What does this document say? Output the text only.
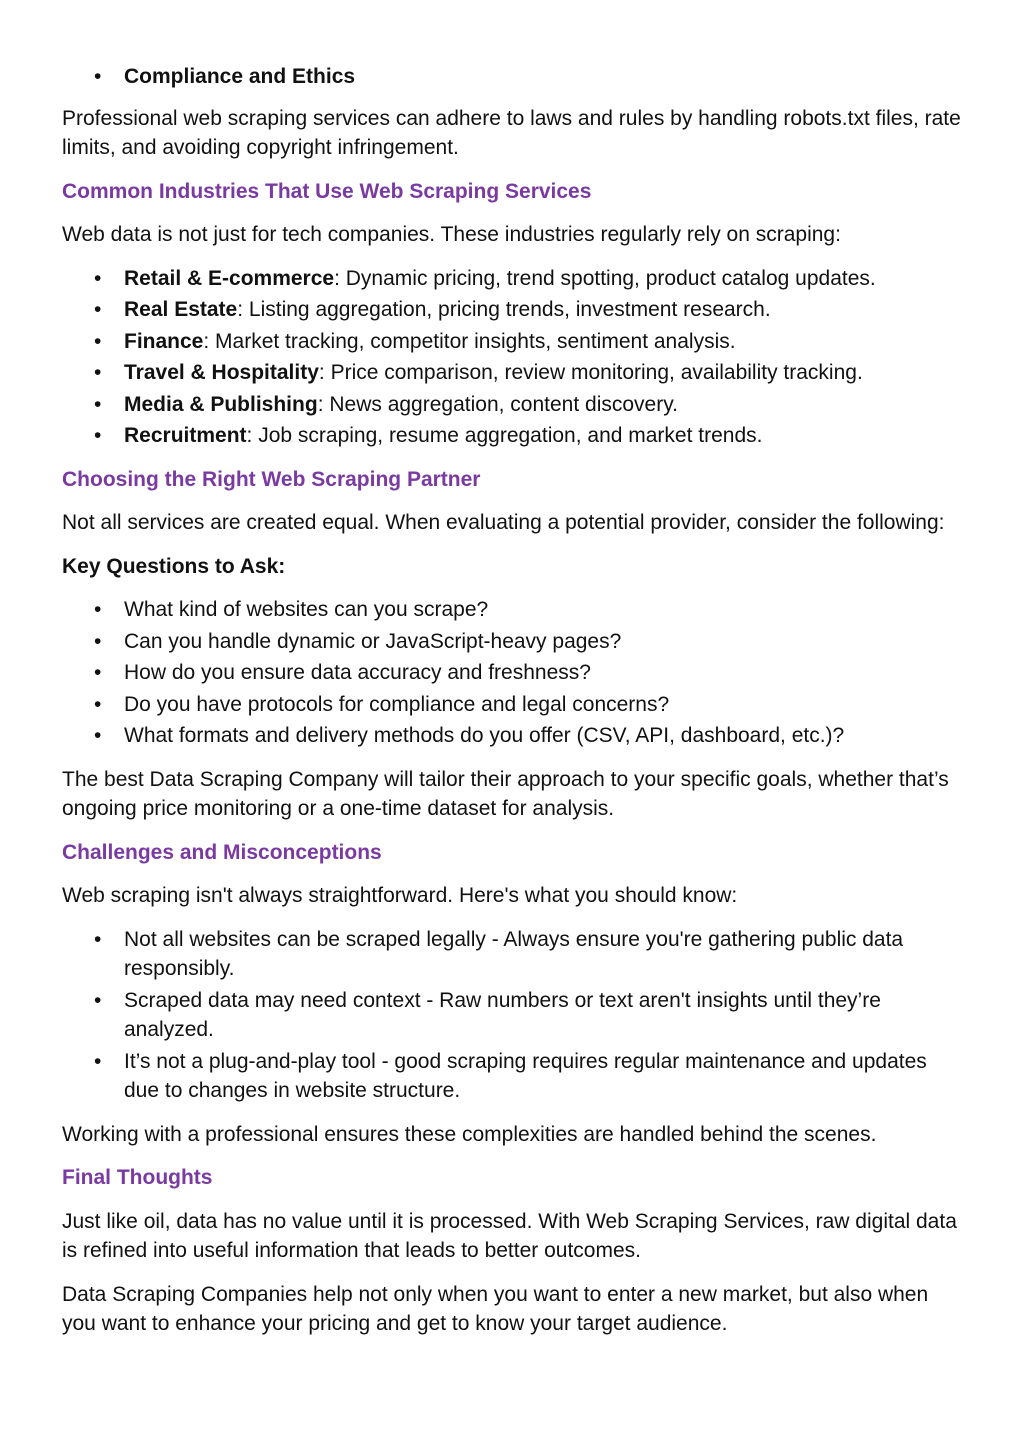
• Compliance and Ethics

Professional web scraping services can adhere to laws and rules by handling robots.txt files, rate limits, and avoiding copyright infringement.

Common Industries That Use Web Scraping Services

Web data is not just for tech companies. These industries regularly rely on scraping:

• Retail & E-commerce: Dynamic pricing, trend spotting, product catalog updates.
• Real Estate: Listing aggregation, pricing trends, investment research.
• Finance: Market tracking, competitor insights, sentiment analysis.
• Travel & Hospitality: Price comparison, review monitoring, availability tracking.
• Media & Publishing: News aggregation, content discovery.
• Recruitment: Job scraping, resume aggregation, and market trends.
Choosing the Right Web Scraping Partner

Not all services are created equal. When evaluating a potential provider, consider the following:

Key Questions to Ask:

• What kind of websites can you scrape?
• Can you handle dynamic or JavaScript-heavy pages?
• How do you ensure data accuracy and freshness?
• Do you have protocols for compliance and legal concerns?
• What formats and delivery methods do you offer (CSV, API, dashboard, etc.)?

The best Data Scraping Company will tailor their approach to your specific goals, whether that’s ongoing price monitoring or a one-time dataset for analysis.

Challenges and Misconceptions

Web scraping isn't always straightforward. Here's what you should know:

• Not all websites can be scraped legally - Always ensure you're gathering public data responsibly.
• Scraped data may need context - Raw numbers or text aren't insights until they’re analyzed.
• It’s not a plug-and-play tool - good scraping requires regular maintenance and updates due to changes in website structure.

Working with a professional ensures these complexities are handled behind the scenes.

Final Thoughts

Just like oil, data has no value until it is processed. With Web Scraping Services, raw digital data is refined into useful information that leads to better outcomes.

Data Scraping Companies help not only when you want to enter a new market, but also when you want to enhance your pricing and get to know your target audience.
